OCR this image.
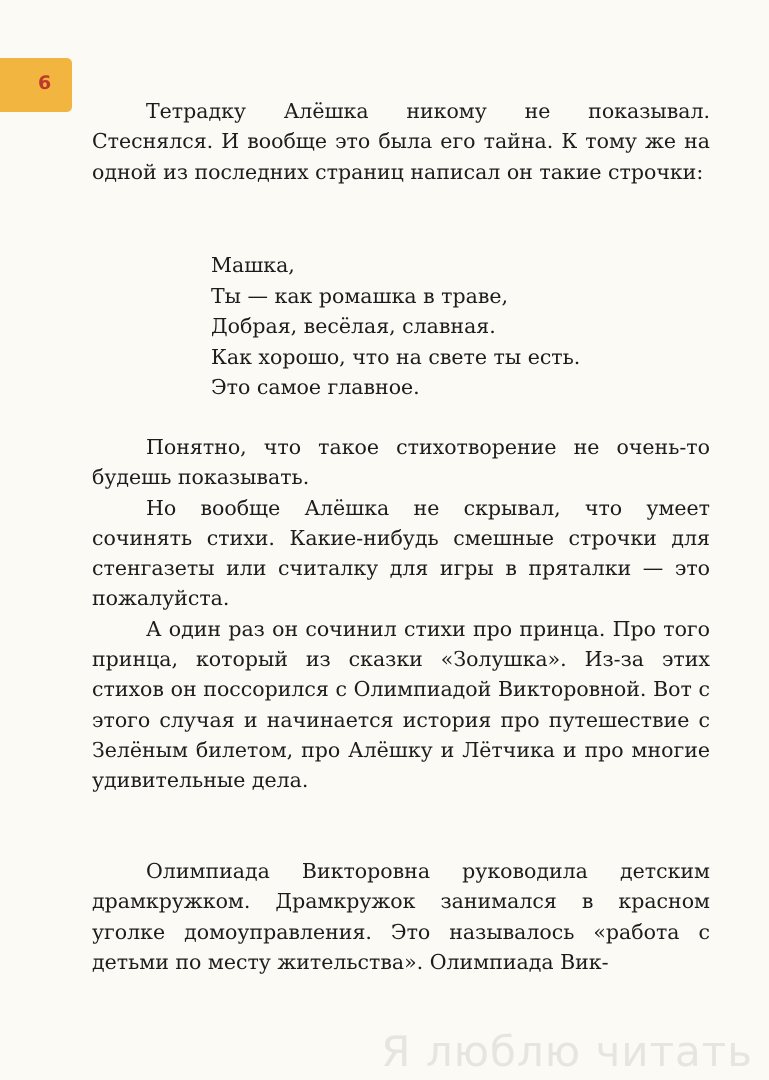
6

Тетрадку Алёшка никому не показывал. Стеснялся. И вообще это была его тайна. К тому же на одной из последних страниц написал он такие строчки:

Машка,
Ты — как ромашка в траве,
Добрая, весёлая, славная.
Как хорошо, что на свете ты есть.
Это самое главное.

Понятно, что такое стихотворение не очень-то будешь показывать.

Но вообще Алёшка не скрывал, что умеет сочинять стихи. Какие-нибудь смешные строчки для стенгазеты или считалку для игры в пряталки — это пожалуйста.

А один раз он сочинил стихи про принца. Про того принца, который из сказки «Золушка». Из-за этих стихов он поссорился с Олимпиадой Викторовной. Вот с этого случая и начинается история про путешествие с Зелёным билетом, про Алёшку и Лётчика и про многие удивительные дела.

Олимпиада Викторовна руководила детским драмкружком. Драмкружок занимался в красном уголке домоуправления. Это называлось «работа с детьми по месту жительства». Олимпиада Вик-

Я люблю читать
